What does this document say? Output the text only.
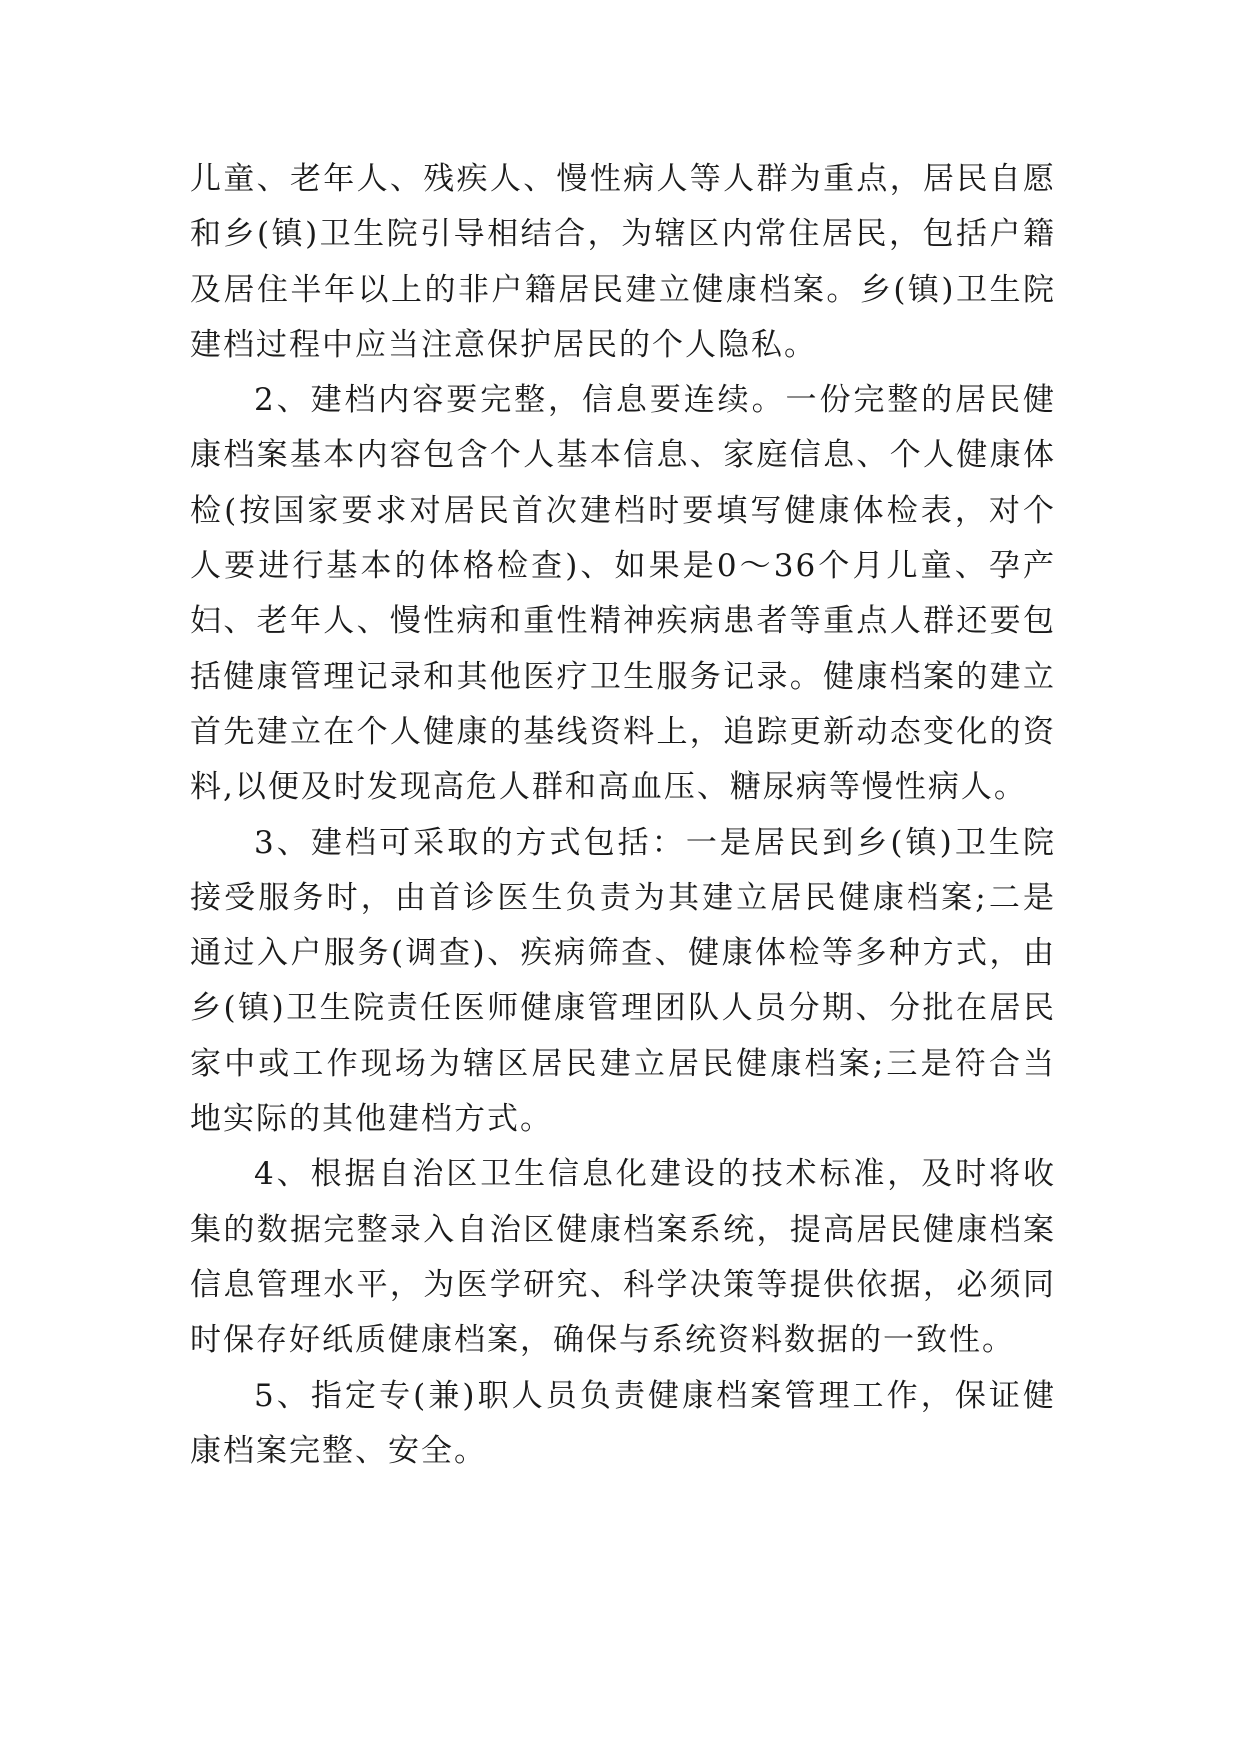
儿童、老年人、残疾人、慢性病人等人群为重点，居民自愿和乡(镇)卫生院引导相结合，为辖区内常住居民，包括户籍及居住半年以上的非户籍居民建立健康档案。乡(镇)卫生院建档过程中应当注意保护居民的个人隐私。

2、建档内容要完整，信息要连续。一份完整的居民健康档案基本内容包含个人基本信息、家庭信息、个人健康体检(按国家要求对居民首次建档时要填写健康体检表，对个人要进行基本的体格检查)、如果是0～36个月儿童、孕产妇、老年人、慢性病和重性精神疾病患者等重点人群还要包括健康管理记录和其他医疗卫生服务记录。健康档案的建立首先建立在个人健康的基线资料上，追踪更新动态变化的资料,以便及时发现高危人群和高血压、糖尿病等慢性病人。

3、建档可采取的方式包括：一是居民到乡(镇)卫生院接受服务时，由首诊医生负责为其建立居民健康档案;二是通过入户服务(调查)、疾病筛查、健康体检等多种方式，由乡(镇)卫生院责任医师健康管理团队人员分期、分批在居民家中或工作现场为辖区居民建立居民健康档案;三是符合当地实际的其他建档方式。

4、根据自治区卫生信息化建设的技术标准，及时将收集的数据完整录入自治区健康档案系统，提高居民健康档案信息管理水平，为医学研究、科学决策等提供依据，必须同时保存好纸质健康档案，确保与系统资料数据的一致性。

5、指定专(兼)职人员负责健康档案管理工作，保证健康档案完整、安全。
